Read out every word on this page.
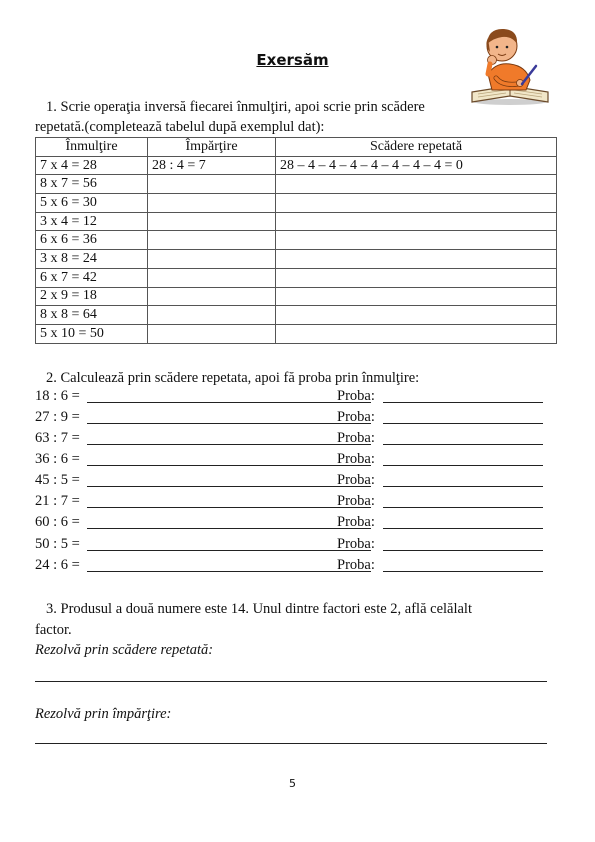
Exersăm
1. Scrie operaţia inversă fiecarei înmulţiri, apoi scrie prin scădere
repetată.(completează tabelul după exemplul dat):
Înmulţire	Împărţire	Scădere repetată
7 x 4 = 28	28 : 4 = 7	28 – 4 – 4 – 4 – 4 – 4 – 4 – 4 = 0
8 x 7 = 56		
5 x 6 = 30		
3 x 4 = 12		
6 x 6 = 36		
3 x 8 = 24		
6 x 7 = 42		
2 x 9 = 18		
8 x 8 = 64		
5 x 10 = 50		
2. Calculează prin scădere repetata, apoi fă proba prin înmulţire:
18 : 6 =	Proba:
27 : 9 =	Proba:
63 : 7 =	Proba:
36 : 6 =	Proba:
45 : 5 =	Proba:
21 : 7 =	Proba:
60 : 6 =	Proba:
50 : 5 =	Proba:
24 : 6 =	Proba:
3. Produsul a două numere este 14. Unul dintre factori este 2, află celălalt
factor.
Rezolvă prin scădere repetată:
Rezolvă prin împărţire:
5
